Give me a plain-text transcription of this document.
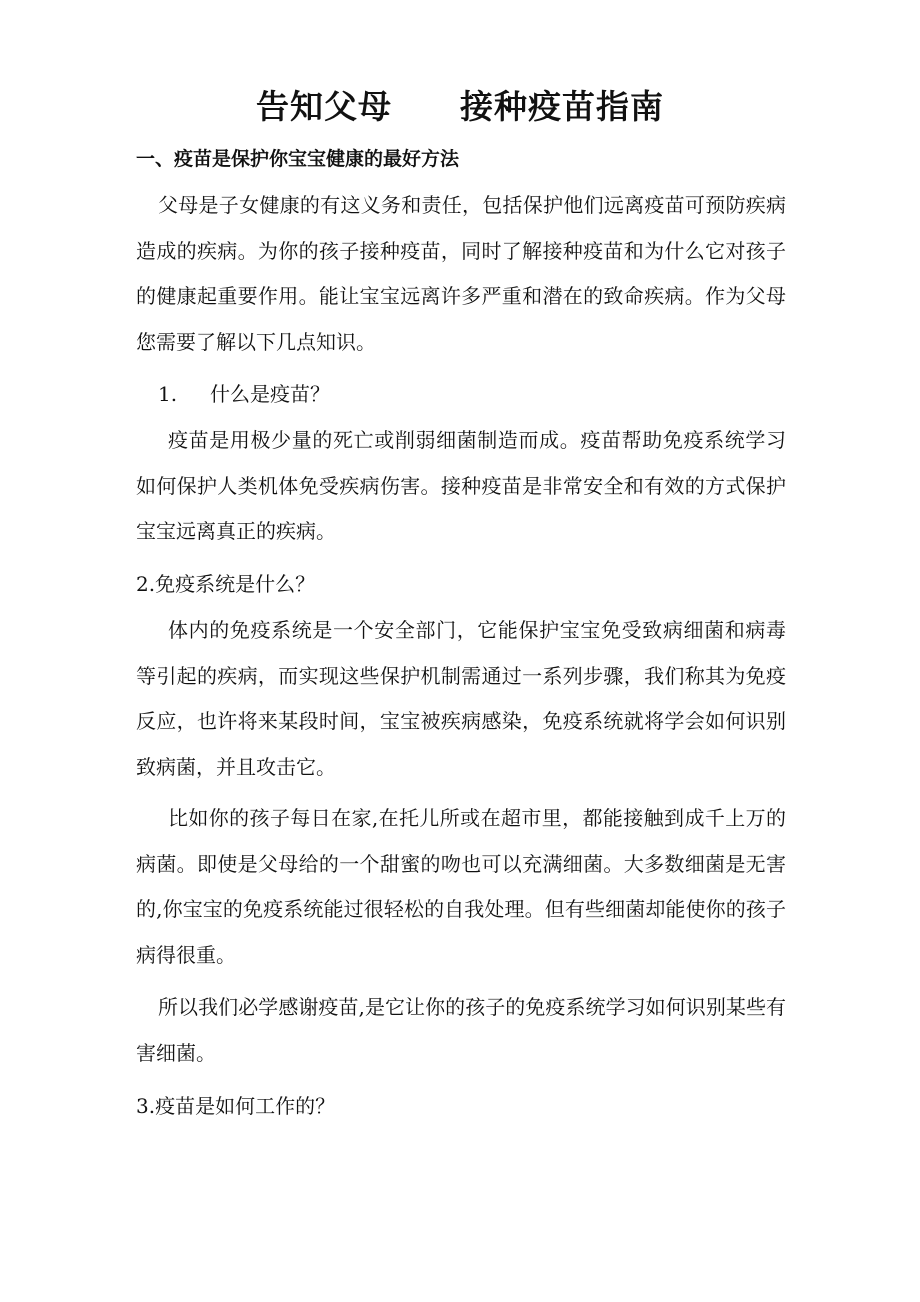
告知父母 接种疫苗指南
一、疫苗是保护你宝宝健康的最好方法

父母是子女健康的有这义务和责任，包括保护他们远离疫苗可预防疾病造成的疾病。为你的孩子接种疫苗，同时了解接种疫苗和为什么它对孩子的健康起重要作用。能让宝宝远离许多严重和潜在的致命疾病。作为父母您需要了解以下几点知识。

1. 什么是疫苗？

疫苗是用极少量的死亡或削弱细菌制造而成。疫苗帮助免疫系统学习如何保护人类机体免受疾病伤害。接种疫苗是非常安全和有效的方式保护宝宝远离真正的疾病。

2.免疫系统是什么？

体内的免疫系统是一个安全部门，它能保护宝宝免受致病细菌和病毒等引起的疾病，而实现这些保护机制需通过一系列步骤，我们称其为免疫反应，也许将来某段时间，宝宝被疾病感染，免疫系统就将学会如何识别致病菌，并且攻击它。

比如你的孩子每日在家,在托儿所或在超市里，都能接触到成千上万的病菌。即使是父母给的一个甜蜜的吻也可以充满细菌。大多数细菌是无害的,你宝宝的免疫系统能过很轻松的自我处理。但有些细菌却能使你的孩子病得很重。

所以我们必学感谢疫苗,是它让你的孩子的免疫系统学习如何识别某些有害细菌。

3.疫苗是如何工作的？
